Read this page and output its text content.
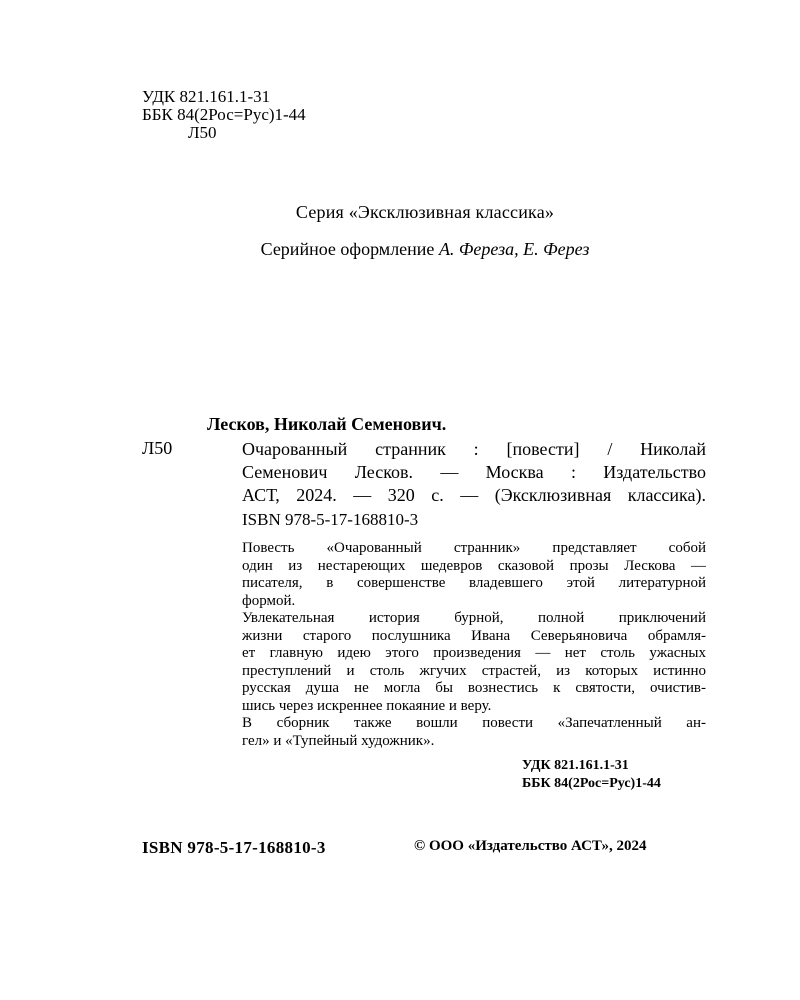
УДК 821.161.1-31
ББК 84(2Рос=Рус)1-44
Л50
Серия «Эксклюзивная классика»
Серийное оформление А. Фереза, Е. Ферез
Лесков, Николай Семенович.
Л50	Очарованный странник : [повести] / Николай
Семенович Лесков. — Москва : Издательство
АСТ, 2024. — 320 с. — (Эксклюзивная классика).
ISBN 978-5-17-168810-3
Повесть «Очарованный странник» представляет собой
один из нестареющих шедевров сказовой прозы Лескова —
писателя, в совершенстве владевшего этой литературной
формой.
Увлекательная история бурной, полной приключений
жизни старого послушника Ивана Северьяновича обрамля-
ет главную идею этого произведения — нет столь ужасных
преступлений и столь жгучих страстей, из которых истинно
русская душа не могла бы вознестись к святости, очистив-
шись через искреннее покаяние и веру.
В сборник также вошли повести «Запечатленный ан-
гел» и «Тупейный художник».
УДК 821.161.1-31
ББК 84(2Рос=Рус)1-44
ISBN 978-5-17-168810-3	© ООО «Издательство АСТ», 2024
